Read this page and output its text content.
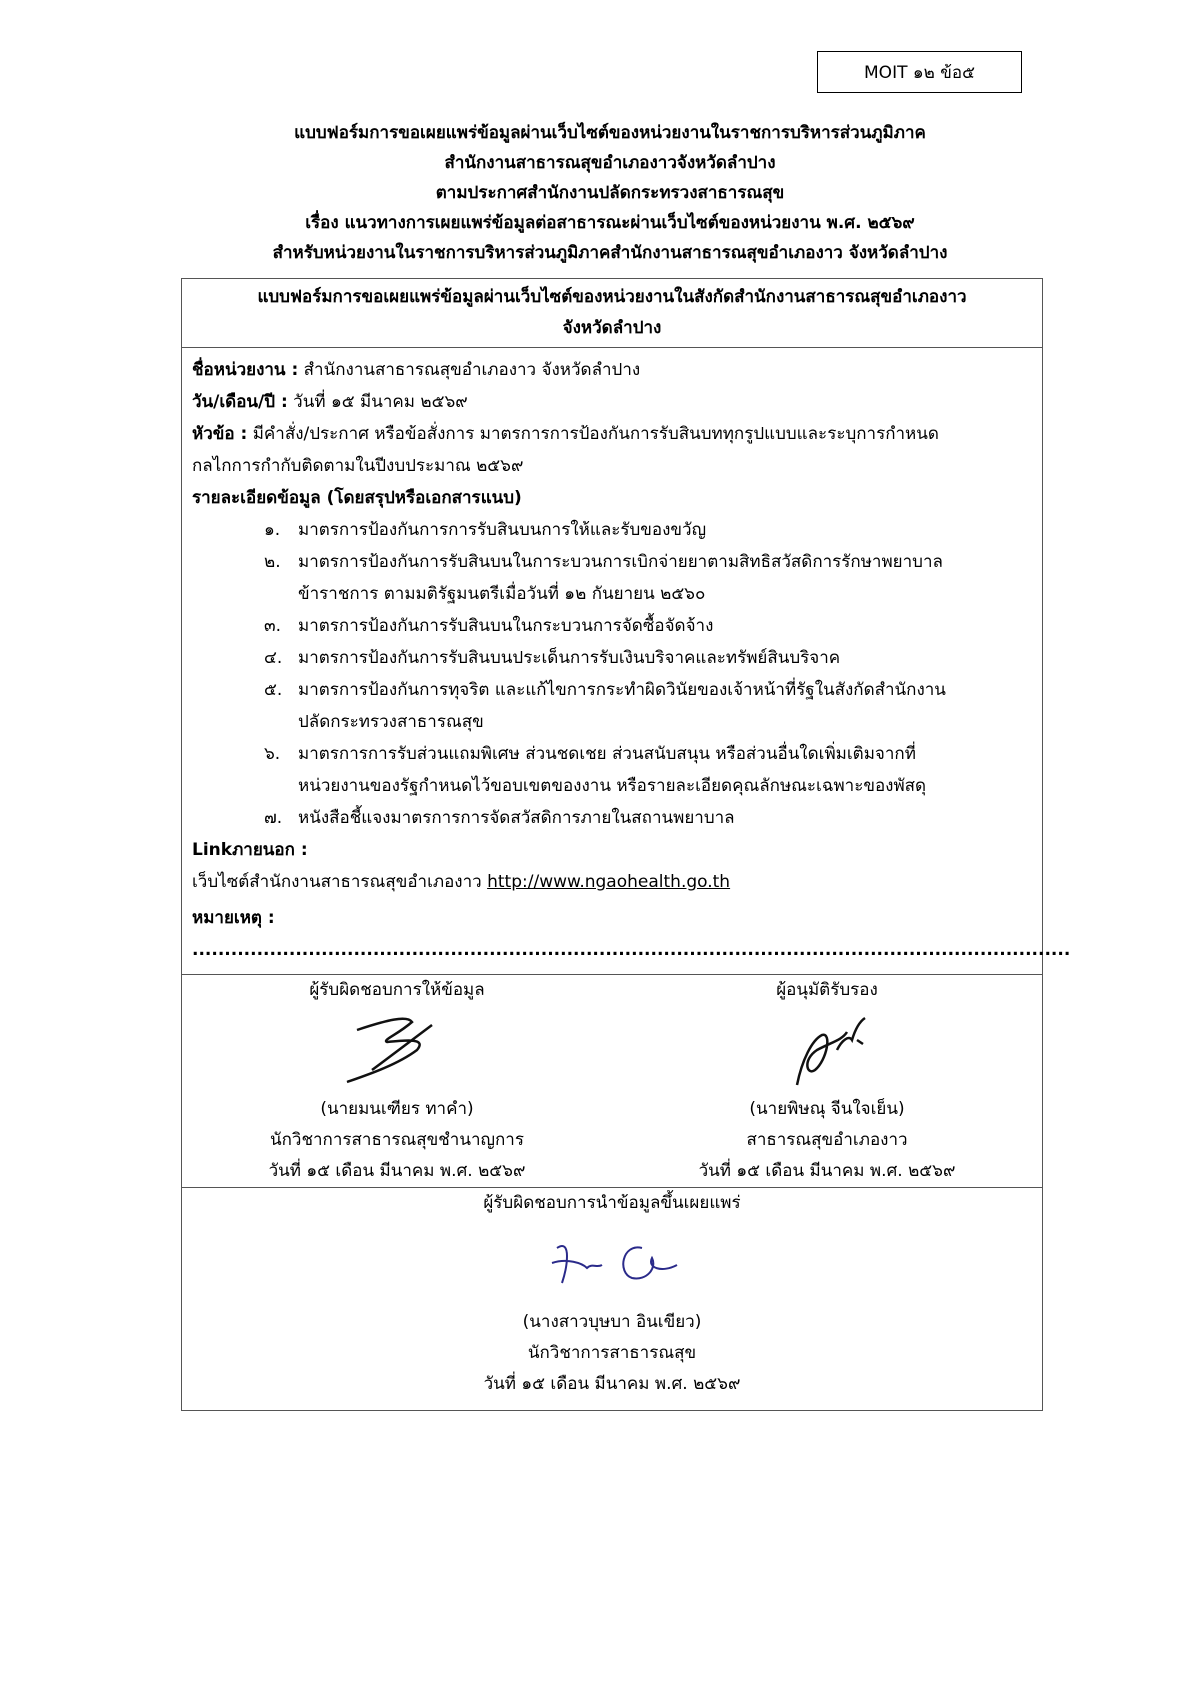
MOIT ๑๒ ข้อ๕
แบบฟอร์มการขอเผยแพร่ข้อมูลผ่านเว็บไซต์ของหน่วยงานในราชการบริหารส่วนภูมิภาค
สำนักงานสาธารณสุขอำเภองาวจังหวัดลำปาง
ตามประกาศสำนักงานปลัดกระทรวงสาธารณสุข
เรื่อง แนวทางการเผยแพร่ข้อมูลต่อสาธารณะผ่านเว็บไซต์ของหน่วยงาน พ.ศ. ๒๕๖๙
สำหรับหน่วยงานในราชการบริหารส่วนภูมิภาคสำนักงานสาธารณสุขอำเภองาว จังหวัดลำปาง
แบบฟอร์มการขอเผยแพร่ข้อมูลผ่านเว็บไซต์ของหน่วยงานในสังกัดสำนักงานสาธารณสุขอำเภองาว
จังหวัดลำปาง
ชื่อหน่วยงาน : สำนักงานสาธารณสุขอำเภองาว จังหวัดลำปาง
วัน/เดือน/ปี : วันที่ ๑๕ มีนาคม ๒๕๖๙
หัวข้อ : มีคำสั่ง/ประกาศ หรือข้อสั่งการ มาตรการการป้องกันการรับสินบททุกรูปแบบและระบุการกำหนด
กลไกการกำกับติดตามในปีงบประมาณ ๒๕๖๙
รายละเอียดข้อมูล (โดยสรุปหรือเอกสารแนบ)
๑.	มาตรการป้องกันการการรับสินบนการให้และรับของขวัญ
๒.	มาตรการป้องกันการรับสินบนในการะบวนการเบิกจ่ายยาตามสิทธิสวัสดิการรักษาพยาบาล
ข้าราชการ ตามมติรัฐมนตรีเมื่อวันที่ ๑๒ กันยายน ๒๕๖๐
๓. มาตรการป้องกันการรับสินบนในกระบวนการจัดซื้อจัดจ้าง
๔. มาตรการป้องกันการรับสินบนประเด็นการรับเงินบริจาคและทรัพย์สินบริจาค
๕. มาตรการป้องกันการทุจริต และแก้ไขการกระทำผิดวินัยของเจ้าหน้าที่รัฐในสังกัดสำนักงาน
ปลัดกระทรวงสาธารณสุข
๖.	มาตรการการรับส่วนแถมพิเศษ ส่วนชดเชย ส่วนสนับสนุน หรือส่วนอื่นใดเพิ่มเติมจากที่
หน่วยงานของรัฐกำหนดไว้ขอบเขตของงาน หรือรายละเอียดคุณลักษณะเฉพาะของพัสดุ
๗. หนังสือชี้แจงมาตรการการจัดสวัสดิการภายในสถานพยาบาล
Linkภายนอก :
เว็บไซต์สำนักงานสาธารณสุขอำเภองาว http://www.ngaohealth.go.th
หมายเหตุ : ........................................................................................................................................
ผู้รับผิดชอบการให้ข้อมูล
(นายมนเฑียร ทาคำ)
นักวิชาการสาธารณสุขชำนาญการ
วันที่ ๑๕ เดือน มีนาคม พ.ศ. ๒๕๖๙
ผู้อนุมัติรับรอง
(นายพิษณุ จีนใจเย็น)
สาธารณสุขอำเภองาว
วันที่ ๑๕ เดือน มีนาคม พ.ศ. ๒๕๖๙
ผู้รับผิดชอบการนำข้อมูลขึ้นเผยแพร่
(นางสาวบุษบา อินเขียว)
นักวิชาการสาธารณสุข
วันที่ ๑๕ เดือน มีนาคม พ.ศ. ๒๕๖๙
